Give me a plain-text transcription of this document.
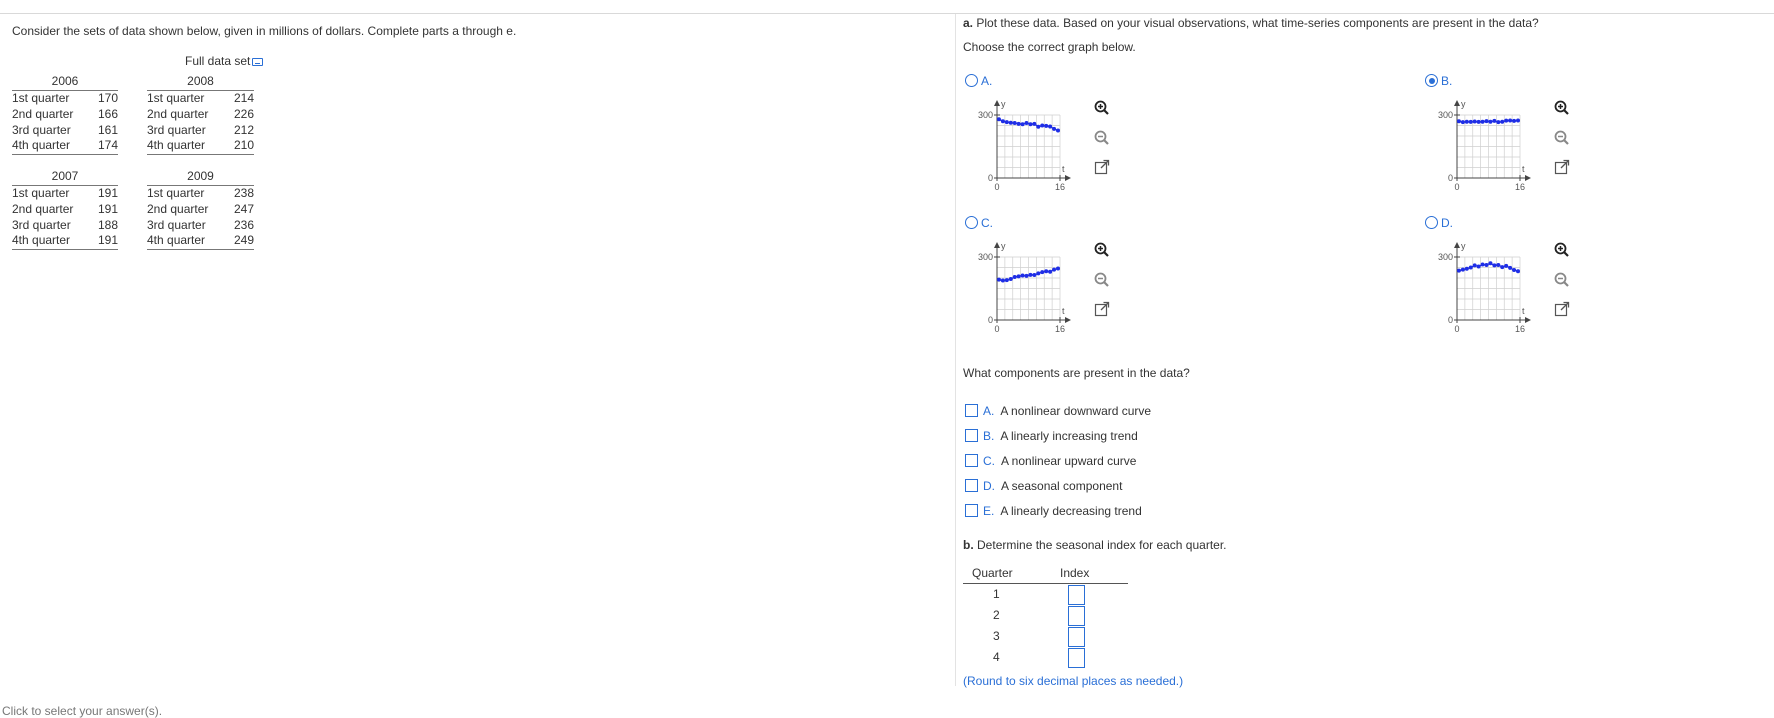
Consider the sets of data shown below, given in millions of dollars. Complete parts a through e.
Full data set
2006	
1st quarter	170
2nd quarter	166
3rd quarter	161
4th quarter	174
2008	
1st quarter	214
2nd quarter	226
3rd quarter	212
4th quarter	210
2007	
1st quarter	191
2nd quarter	191
3rd quarter	188
4th quarter	191
2009	
1st quarter	238
2nd quarter	247
3rd quarter	236
4th quarter	249
a. Plot these data. Based on your visual observations, what time-series components are present in the data?
Choose the correct graph below.
A.	B.
C.	D.
300
0
0	16
y
t
300
0
0	16
y
t
300
0
0	16
y
t
300
0
0	16
y
t
What components are present in the data?
A. A nonlinear downward curve
B. A linearly increasing trend
C. A nonlinear upward curve
D. A seasonal component
E. A linearly decreasing trend
b. Determine the seasonal index for each quarter.
Quarter	Index
1
2
3
4
(Round to six decimal places as needed.)
Click to select your answer(s).
